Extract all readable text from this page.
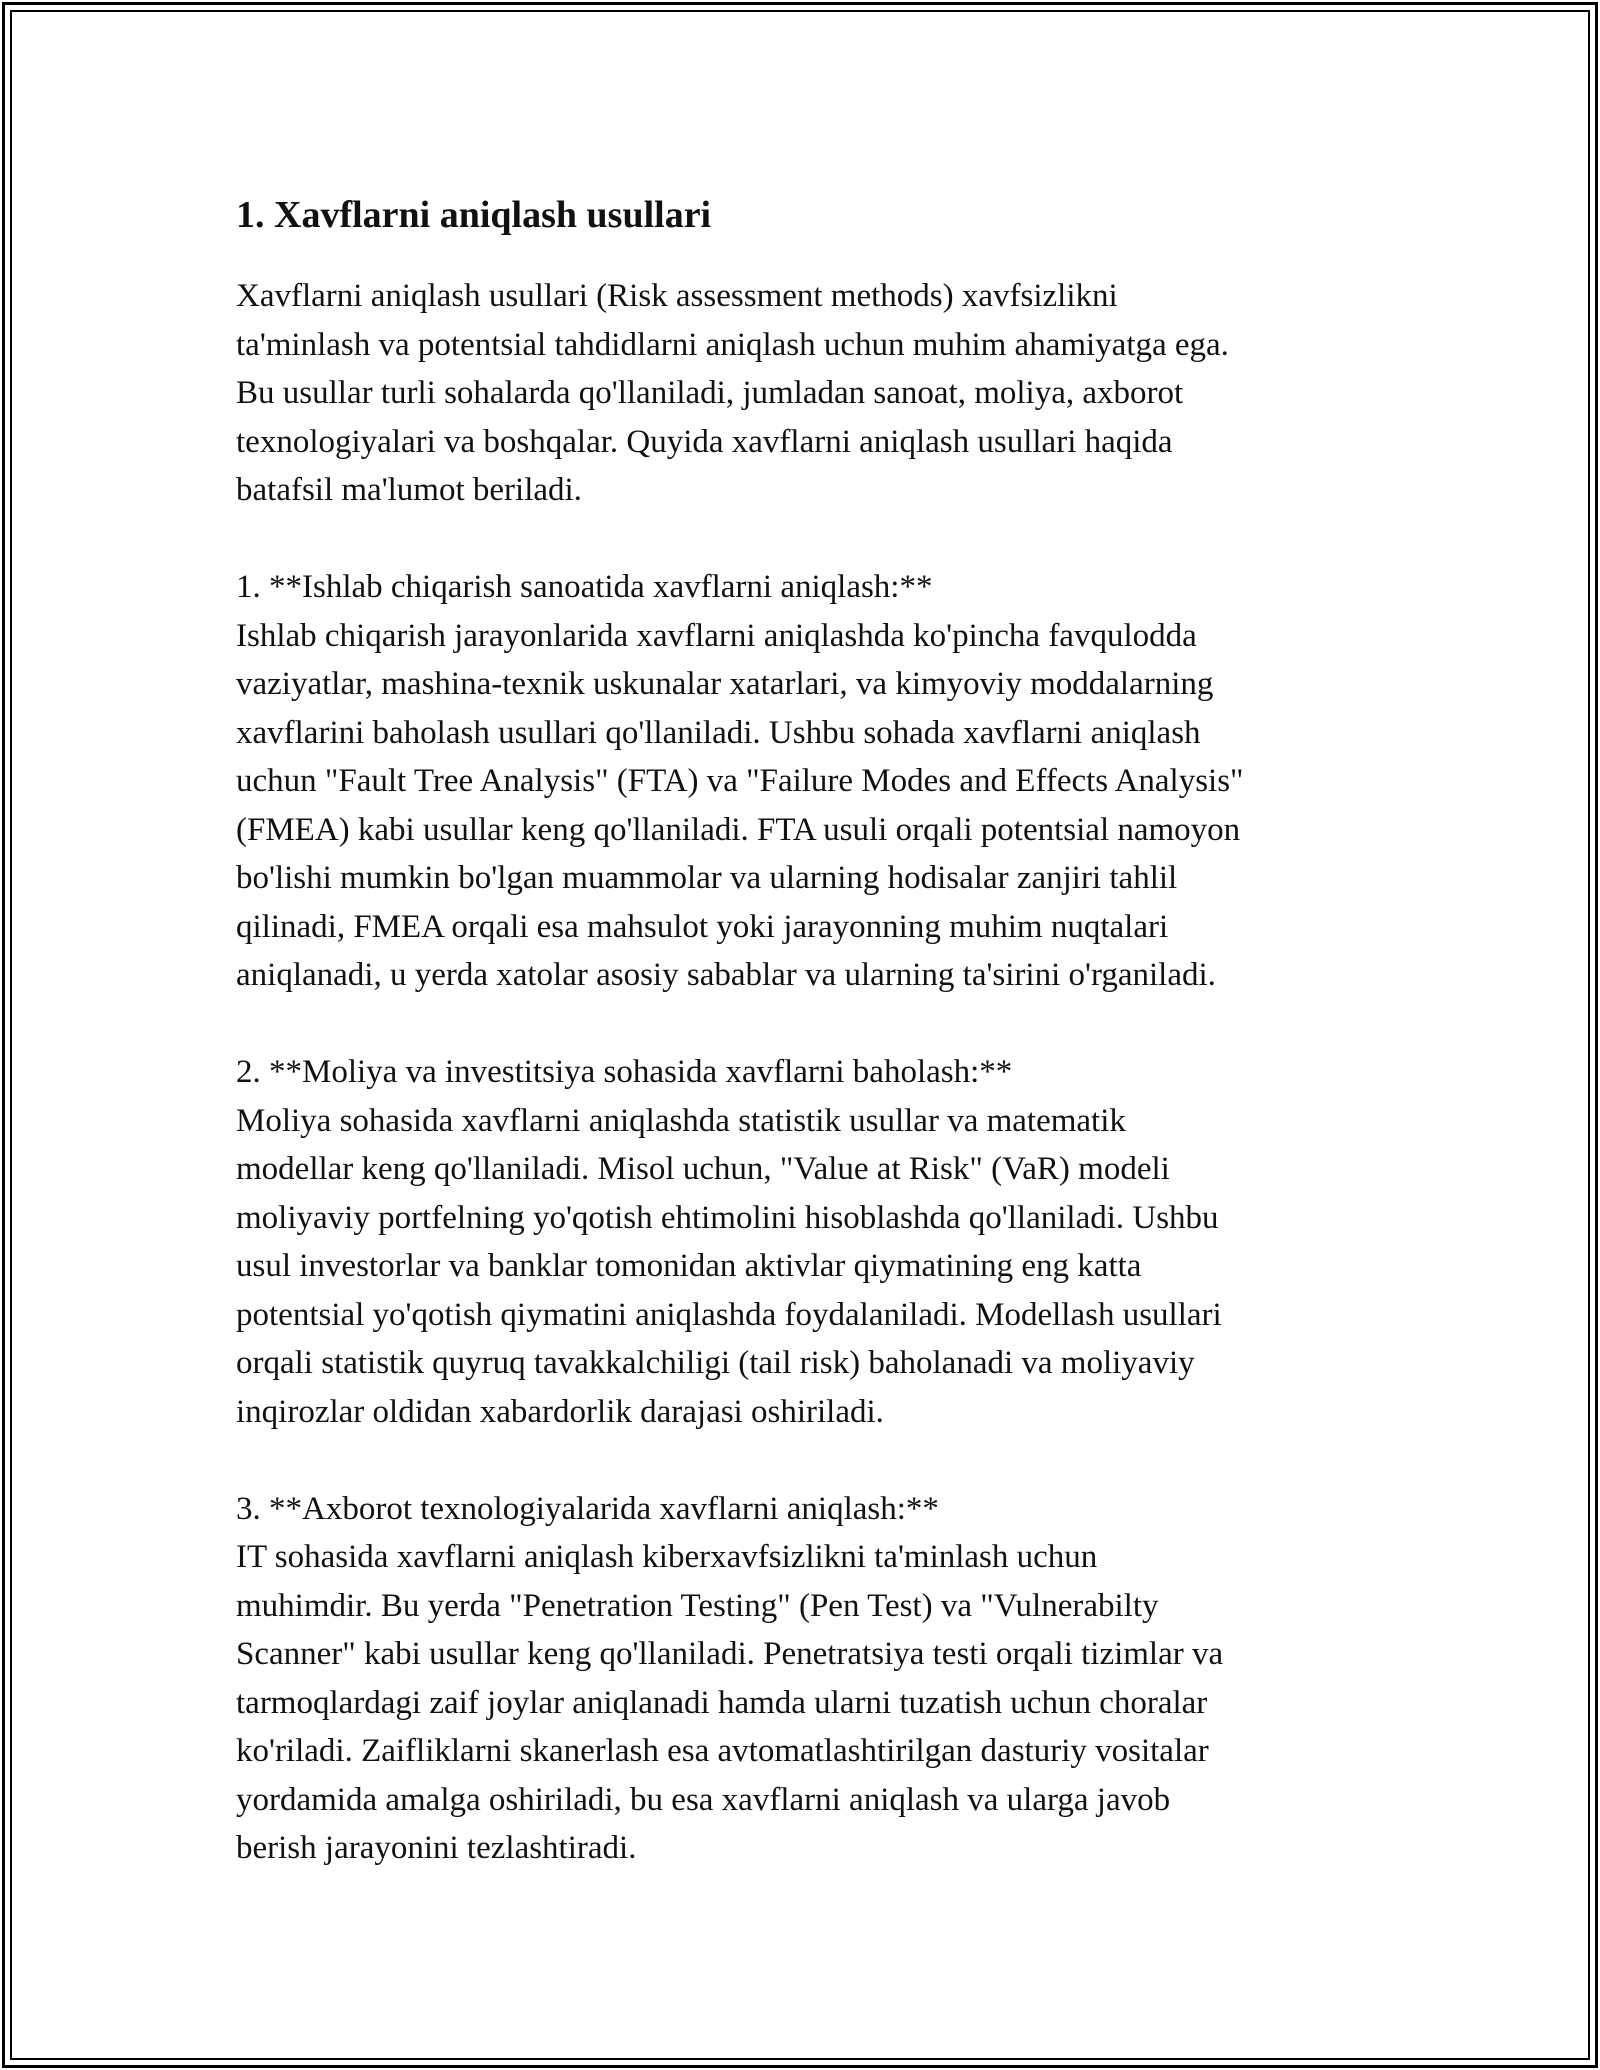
1. Xavflarni aniqlash usullari

Xavflarni aniqlash usullari (Risk assessment methods) xavfsizlikni
ta'minlash va potentsial tahdidlarni aniqlash uchun muhim ahamiyatga ega.
Bu usullar turli sohalarda qo'llaniladi, jumladan sanoat, moliya, axborot
texnologiyalari va boshqalar. Quyida xavflarni aniqlash usullari haqida
batafsil ma'lumot beriladi.

1. **Ishlab chiqarish sanoatida xavflarni aniqlash:**
Ishlab chiqarish jarayonlarida xavflarni aniqlashda ko'pincha favqulodda
vaziyatlar, mashina-texnik uskunalar xatarlari, va kimyoviy moddalarning
xavflarini baholash usullari qo'llaniladi. Ushbu sohada xavflarni aniqlash
uchun "Fault Tree Analysis" (FTA) va "Failure Modes and Effects Analysis"
(FMEA) kabi usullar keng qo'llaniladi. FTA usuli orqali potentsial namoyon
bo'lishi mumkin bo'lgan muammolar va ularning hodisalar zanjiri tahlil
qilinadi, FMEA orqali esa mahsulot yoki jarayonning muhim nuqtalari
aniqlanadi, u yerda xatolar asosiy sabablar va ularning ta'sirini o'rganiladi.

2. **Moliya va investitsiya sohasida xavflarni baholash:**
Moliya sohasida xavflarni aniqlashda statistik usullar va matematik
modellar keng qo'llaniladi. Misol uchun, "Value at Risk" (VaR) modeli
moliyaviy portfelning yo'qotish ehtimolini hisoblashda qo'llaniladi. Ushbu
usul investorlar va banklar tomonidan aktivlar qiymatining eng katta
potentsial yo'qotish qiymatini aniqlashda foydalaniladi. Modellash usullari
orqali statistik quyruq tavakkalchiligi (tail risk) baholanadi va moliyaviy
inqirozlar oldidan xabardorlik darajasi oshiriladi.

3. **Axborot texnologiyalarida xavflarni aniqlash:**
IT sohasida xavflarni aniqlash kiberxavfsizlikni ta'minlash uchun
muhimdir. Bu yerda "Penetration Testing" (Pen Test) va "Vulnerabilty
Scanner" kabi usullar keng qo'llaniladi. Penetratsiya testi orqali tizimlar va
tarmoqlardagi zaif joylar aniqlanadi hamda ularni tuzatish uchun choralar
ko'riladi. Zaifliklarni skanerlash esa avtomatlashtirilgan dasturiy vositalar
yordamida amalga oshiriladi, bu esa xavflarni aniqlash va ularga javob
berish jarayonini tezlashtiradi.
